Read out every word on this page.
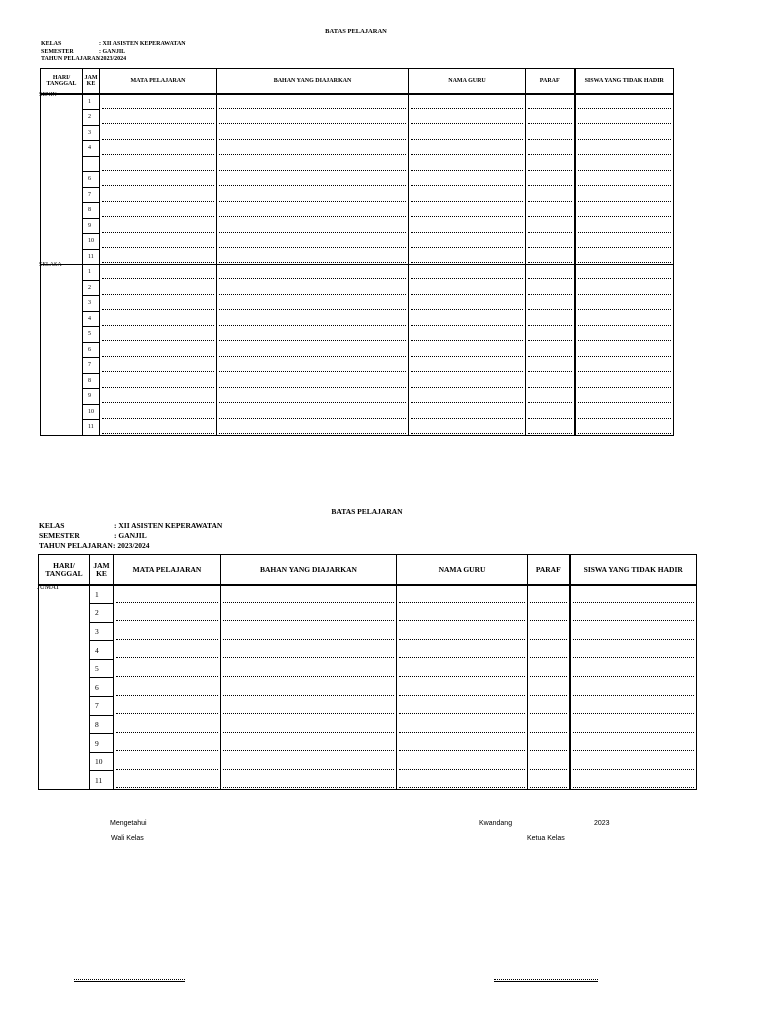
BATAS PELAJARAN
KELAS	: XII ASISTEN KEPERAWATAN
SEMESTER	: GANJIL
TAHUN PELAJARAN
: 2023/2024
HARI/ TANGGAL	JAM KE	MATA PELAJARAN	BAHAN YANG DIAJARKAN	NAMA GURU	PARAF	SISWA YANG TIDAK HADIR
SENIN	1					
	2					
	3					
	4					

	6					
	7					
	8					
	9					
	10					
	11					
SELASA	1					
	2					
	3					
	4					
	5					
	6					
	7					
	8					
	9					
	10					
	11					
BATAS PELAJARAN
KELAS	: XII ASISTEN KEPERAWATAN
SEMESTER	: GANJIL
TAHUN PELAJARAN : 2023/2024
HARI/ TANGGAL	JAM KE	MATA PELAJARAN	BAHAN YANG DIAJARKAN	NAMA GURU	PARAF	SISWA YANG TIDAK HADIR
JUMAT	1					
	2					
	3					
	4					
	5					
	6					
	7					
	8					
	9					
	10					
	11					
Mengetahui
Wali Kelas
Kwandang	2023
Ketua Kelas
